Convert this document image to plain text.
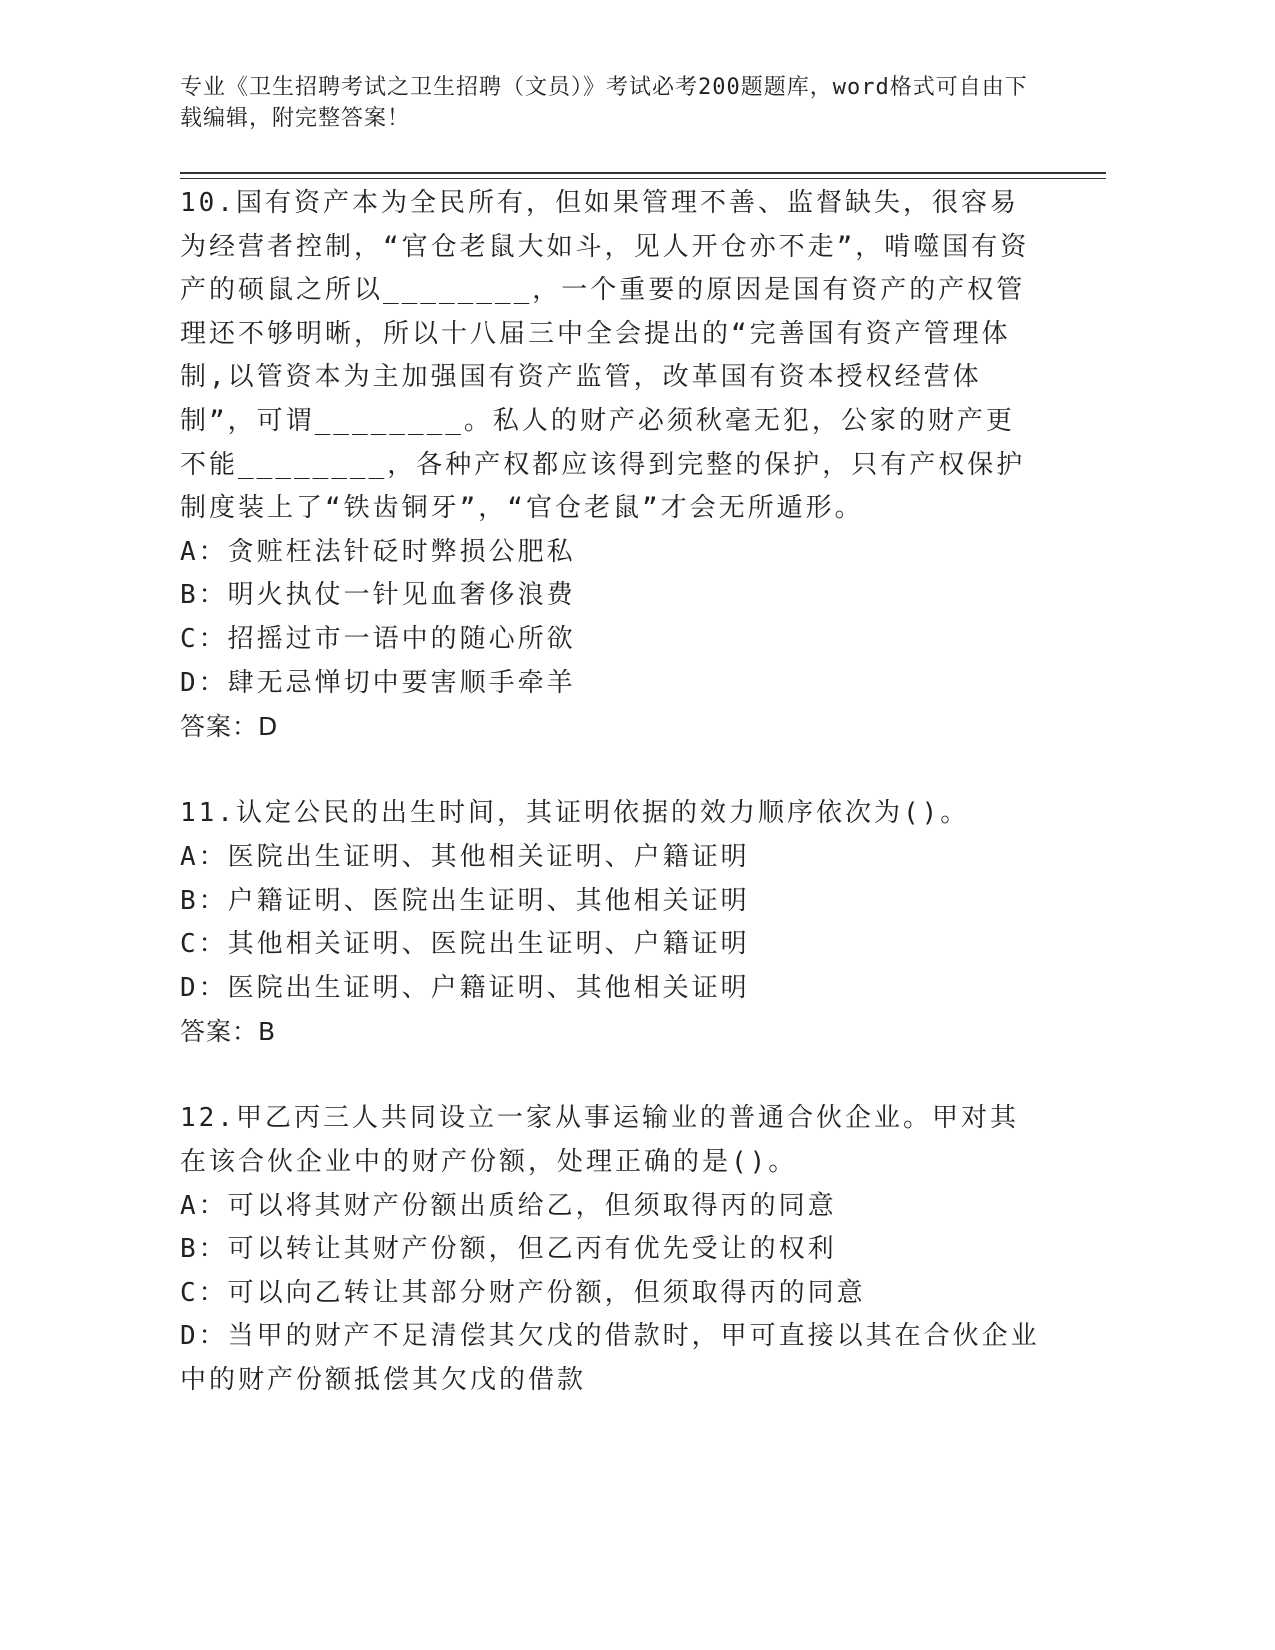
专业《卫生招聘考试之卫生招聘（文员）》考试必考200题题库，word格式可自由下载编辑，附完整答案！

10.国有资产本为全民所有，但如果管理不善、监督缺失，很容易为经营者控制，“官仓老鼠大如斗，见人开仓亦不走”，啃噬国有资产的硕鼠之所以________，一个重要的原因是国有资产的产权管理还不够明晰，所以十八届三中全会提出的“完善国有资产管理体制,以管资本为主加强国有资产监管，改革国有资本授权经营体制”，可谓________。私人的财产必须秋毫无犯，公家的财产更不能________，各种产权都应该得到完整的保护，只有产权保护制度装上了“铁齿铜牙”，“官仓老鼠”才会无所遁形。

A：贪赃枉法针砭时弊损公肥私

B：明火执仗一针见血奢侈浪费

C：招摇过市一语中的随心所欲

D：肆无忌惮切中要害顺手牵羊

答案：D

11.认定公民的出生时间，其证明依据的效力顺序依次为()。

A：医院出生证明、其他相关证明、户籍证明

B：户籍证明、医院出生证明、其他相关证明

C：其他相关证明、医院出生证明、户籍证明

D：医院出生证明、户籍证明、其他相关证明

答案：B

12.甲乙丙三人共同设立一家从事运输业的普通合伙企业。甲对其在该合伙企业中的财产份额，处理正确的是()。

A：可以将其财产份额出质给乙，但须取得丙的同意

B：可以转让其财产份额，但乙丙有优先受让的权利

C：可以向乙转让其部分财产份额，但须取得丙的同意

D：当甲的财产不足清偿其欠戊的借款时，甲可直接以其在合伙企业中的财产份额抵偿其欠戊的借款
